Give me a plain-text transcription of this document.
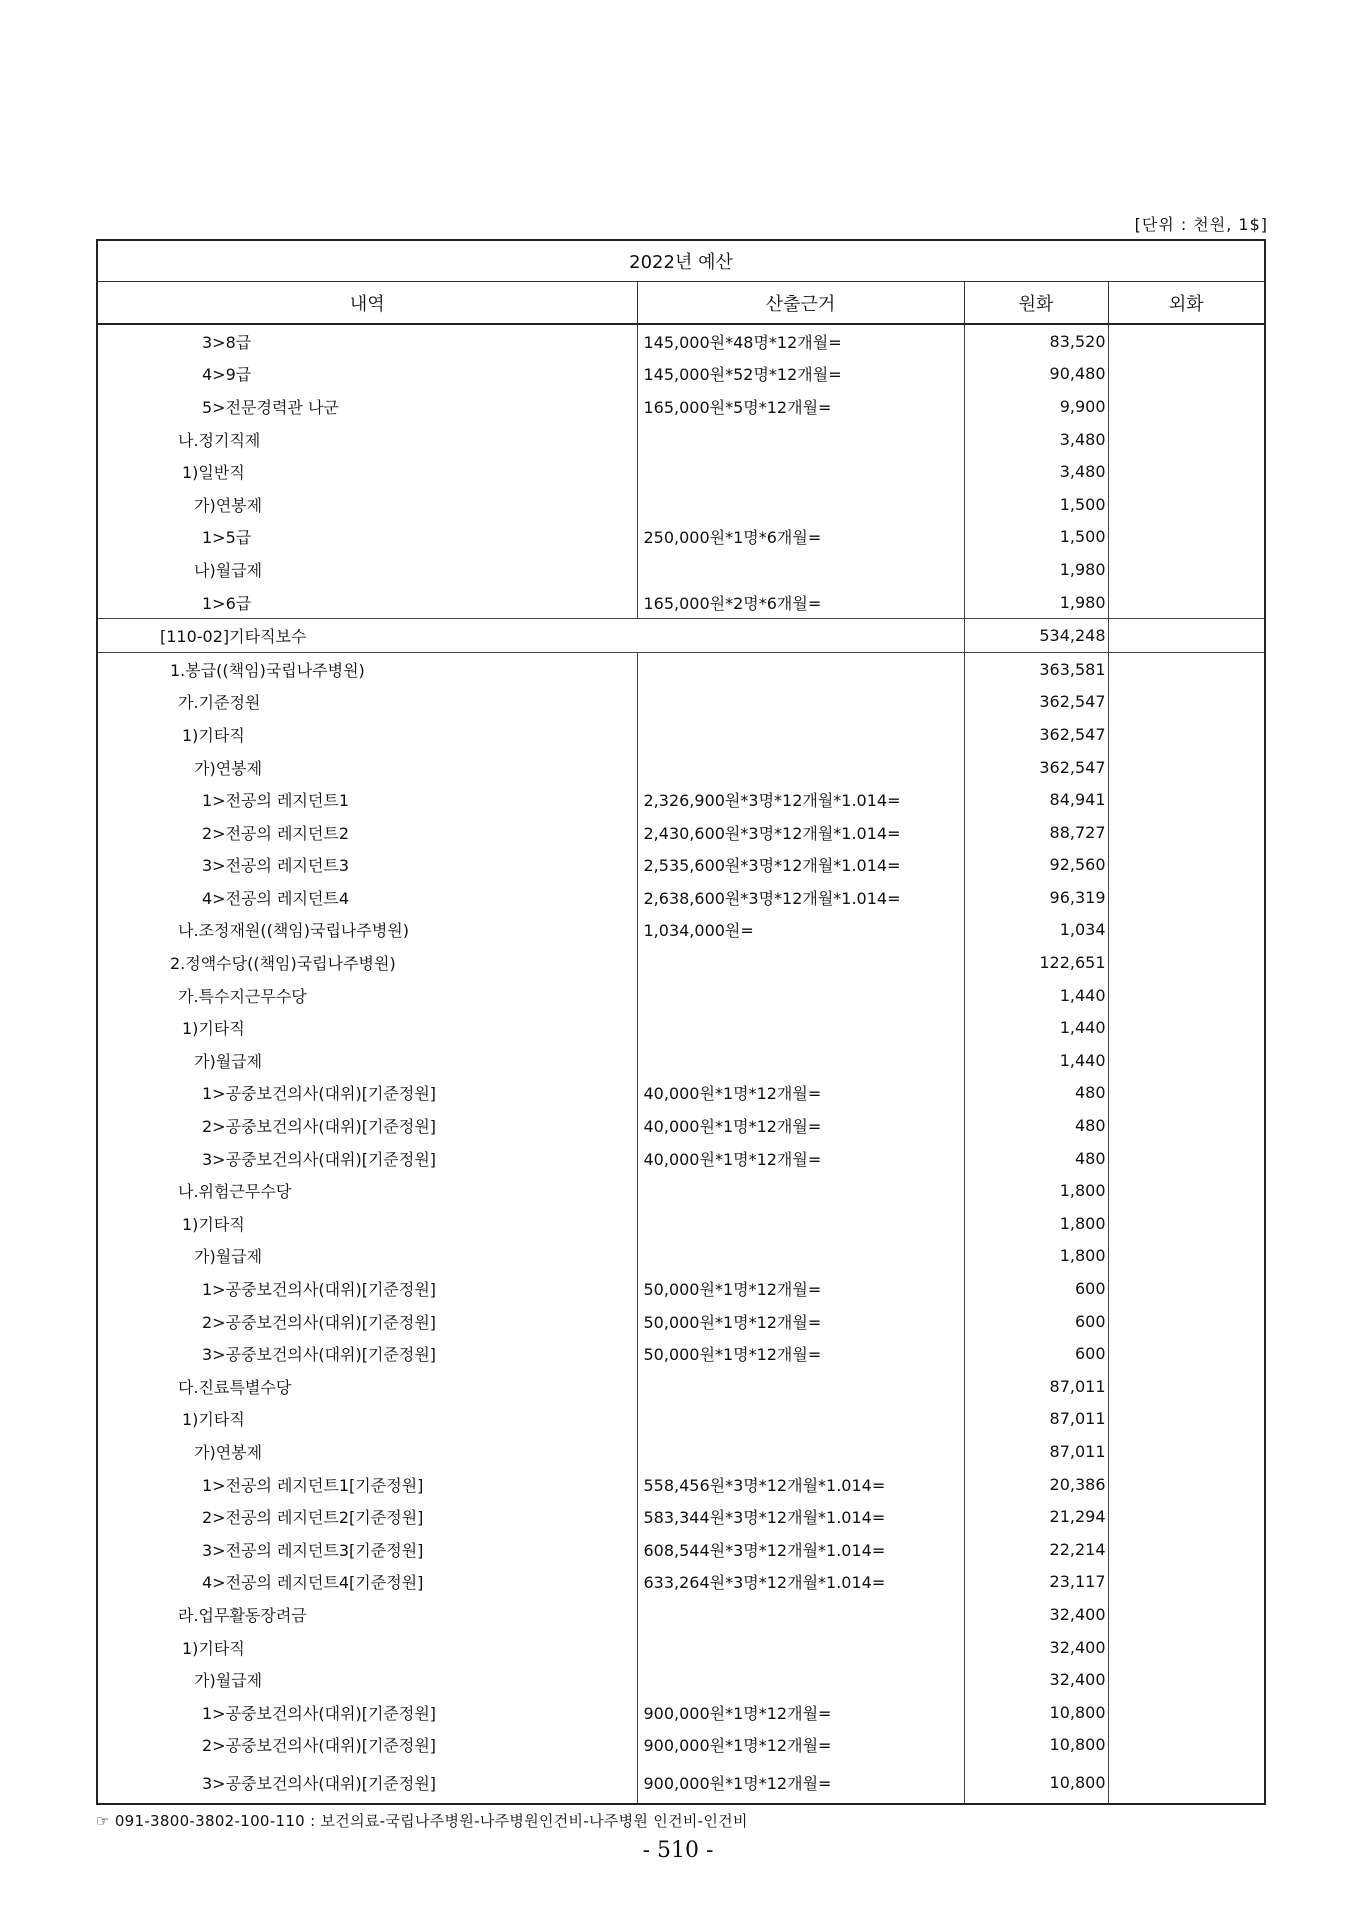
[단위 : 천원, 1$]
2022년 예산			
내역	산출근거	원화	외화
3>8급	145,000원*48명*12개월=	83,520	
4>9급	145,000원*52명*12개월=	90,480	
5>전문경력관 나군	165,000원*5명*12개월=	9,900	
나.정기직제		3,480	
1)일반직		3,480	
가)연봉제		1,500	
1>5급	250,000원*1명*6개월=	1,500	
나)월급제		1,980	
1>6급	165,000원*2명*6개월=	1,980	
[110-02]기타직보수		534,248	
1.봉급((책임)국립나주병원)		363,581	
가.기준정원		362,547	
1)기타직		362,547	
가)연봉제		362,547	
1>전공의 레지던트1	2,326,900원*3명*12개월*1.014=	84,941	
2>전공의 레지던트2	2,430,600원*3명*12개월*1.014=	88,727	
3>전공의 레지던트3	2,535,600원*3명*12개월*1.014=	92,560	
4>전공의 레지던트4	2,638,600원*3명*12개월*1.014=	96,319	
나.조정재원((책임)국립나주병원)	1,034,000원=	1,034	
2.정액수당((책임)국립나주병원)		122,651	
가.특수지근무수당		1,440	
1)기타직		1,440	
가)월급제		1,440	
1>공중보건의사(대위)[기준정원]	40,000원*1명*12개월=	480	
2>공중보건의사(대위)[기준정원]	40,000원*1명*12개월=	480	
3>공중보건의사(대위)[기준정원]	40,000원*1명*12개월=	480	
나.위험근무수당		1,800	
1)기타직		1,800	
가)월급제		1,800	
1>공중보건의사(대위)[기준정원]	50,000원*1명*12개월=	600	
2>공중보건의사(대위)[기준정원]	50,000원*1명*12개월=	600	
3>공중보건의사(대위)[기준정원]	50,000원*1명*12개월=	600	
다.진료특별수당		87,011	
1)기타직		87,011	
가)연봉제		87,011	
1>전공의 레지던트1[기준정원]	558,456원*3명*12개월*1.014=	20,386	
2>전공의 레지던트2[기준정원]	583,344원*3명*12개월*1.014=	21,294	
3>전공의 레지던트3[기준정원]	608,544원*3명*12개월*1.014=	22,214	
4>전공의 레지던트4[기준정원]	633,264원*3명*12개월*1.014=	23,117	
라.업무활동장려금		32,400	
1)기타직		32,400	
가)월급제		32,400	
1>공중보건의사(대위)[기준정원]	900,000원*1명*12개월=	10,800	
2>공중보건의사(대위)[기준정원]	900,000원*1명*12개월=	10,800	
3>공중보건의사(대위)[기준정원]	900,000원*1명*12개월=	10,800	
☞ 091-3800-3802-100-110 : 보건의료-국립나주병원-나주병원인건비-나주병원 인건비-인건비
- 510 -
